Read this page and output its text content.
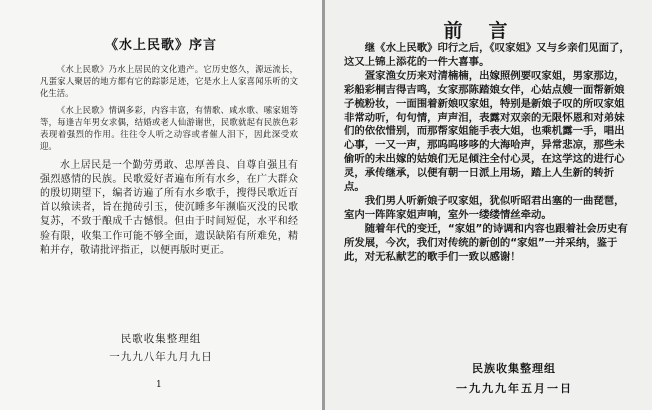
《水上民歌》序言

《水上民歌》乃水上居民的文化遗产。它历史悠久，源远流长，凡蛋家人聚居的地方都有它的踪影足迹，它是水上人家喜闻乐听的文化生活。

《水上民歌》情调多彩，内容丰富，有情歌、咸水歌、嗦家姐等等，每逢吉年男女求偶，结婚或老人仙游谢世，民歌就起有民族色彩表现着强烈的作用。往往令人听之动容或者催人泪下，因此深受欢迎。

水上居民是一个勤劳勇敢、忠厚善良、自尊自强且有强烈感情的民族。民歌爱好者遍布所有水乡，在广大群众的殷切期望下，编者访遍了所有水乡歌手，搜得民歌近百首以飨读者，旨在抛砖引玉，使沉睡多年濒临灭没的民歌复苏，不致于酿成千古憾恨。但由于时间短促，水平和经验有限，收集工作可能不够全面，遗误缺陷有所难免，精粕并存，敬请批评指正，以便再版时更正。

民歌收集整理组
一九九八年九月九日
1
前言

继《水上民歌》印行之后，《叹家姐》又与乡亲们见面了，这又上锦上添花的一件大喜事。

疍家渔女历来对清楠楠，出嫁照例要叹家姐，男家那边，彩船彩桐吉得吉鸣，女家那陈踏娘女伴，心姑点嫂一面帮新娘子梳粉妆，一面围着新娘叹家姐，特别是新娘子叹的所叹家姐非常动听，句句情，声声泪，表露对双亲的无限怀恩和对弟妹们的依依惜别，而那帮家姐能手表大姐，也乘机露一手，唱出心事，一又一声，那呜呜哆哆的大海哈声，异常悲凉，那些未偷听的未出嫁的姑娘们无足倾注全付心灵，在这学这的进行心灵，承传继承，以便有朝一日派上用场，踏上人生新的转折点。

我们男人听新娘子叹家姐，犹似听昭君出塞的一曲琵琶，室内一阵阵家姐声响，室外一缕缕情丝牵动。

随着年代的变迁，“家姐”的诗调和内容也跟着社会历史有所发展，今次，我们对传统的新创的“家姐”一并采纳，鉴于此，对无私献艺的歌手们一致以感谢！

民族收集整理组
一九九九年五月一日
